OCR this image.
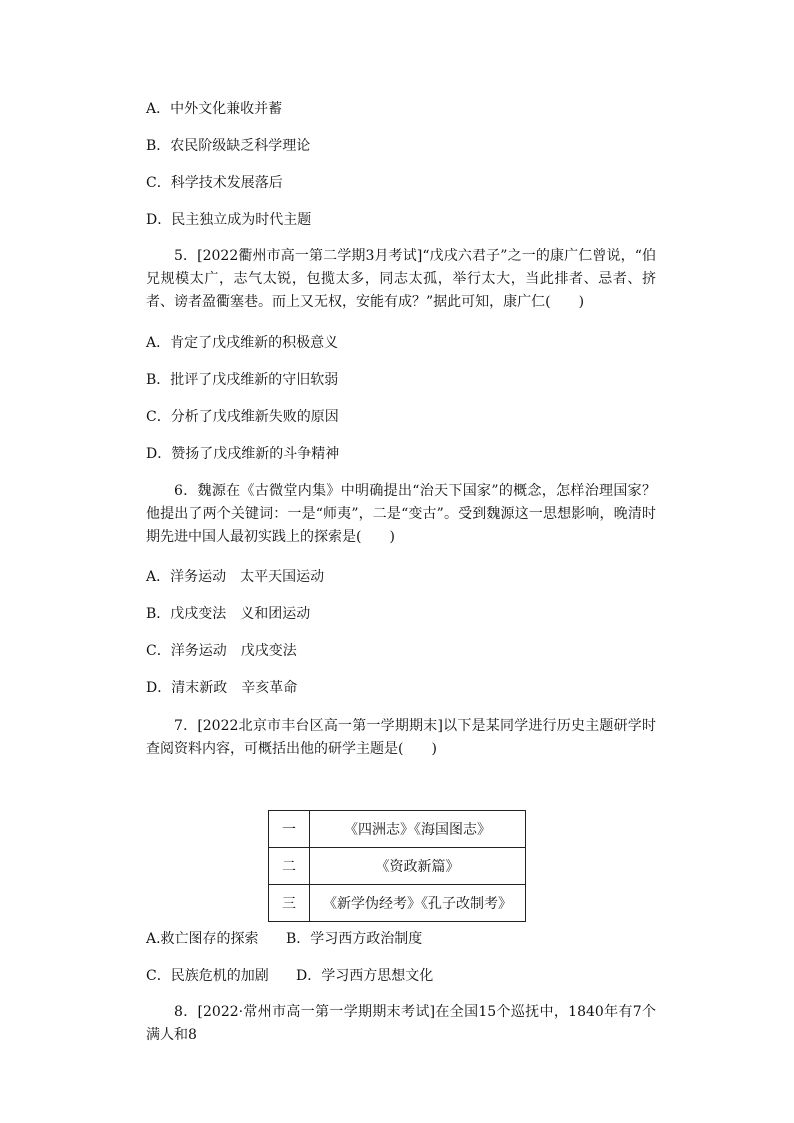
A．中外文化兼收并蓄
B．农民阶级缺乏科学理论
C．科学技术发展落后
D．民主独立成为时代主题

5．[2022衢州市高一第二学期3月考试]“戊戌六君子”之一的康广仁曾说，“伯兄规模太广，志气太锐，包揽太多，同志太孤，举行太大，当此排者、忌者、挤者、谤者盈衢塞巷。而上又无权，安能有成？”据此可知，康广仁(　　)

A．肯定了戊戌维新的积极意义
B．批评了戊戌维新的守旧软弱
C．分析了戊戌维新失败的原因
D．赞扬了戊戌维新的斗争精神

6．魏源在《古微堂内集》中明确提出“治天下国家”的概念，怎样治理国家？他提出了两个关键词：一是“师夷”，二是“变古”。受到魏源这一思想影响，晚清时期先进中国人最初实践上的探索是(　　)

A．洋务运动　太平天国运动
B．戊戌变法　义和团运动
C．洋务运动　戊戌变法
D．清末新政　辛亥革命

7．[2022北京市丰台区高一第一学期期末]以下是某同学进行历史主题研学时查阅资料内容，可概括出他的研学主题是(　　)

一	《四洲志》《海国图志》
二	《资政新篇》
三	《新学伪经考》《孔子改制考》
A.救亡图存的探索 B．学习西方政治制度
C．民族危机的加剧 D．学习西方思想文化

8．[2022·常州市高一第一学期期末考试]在全国15个巡抚中，1840年有7个满人和8
